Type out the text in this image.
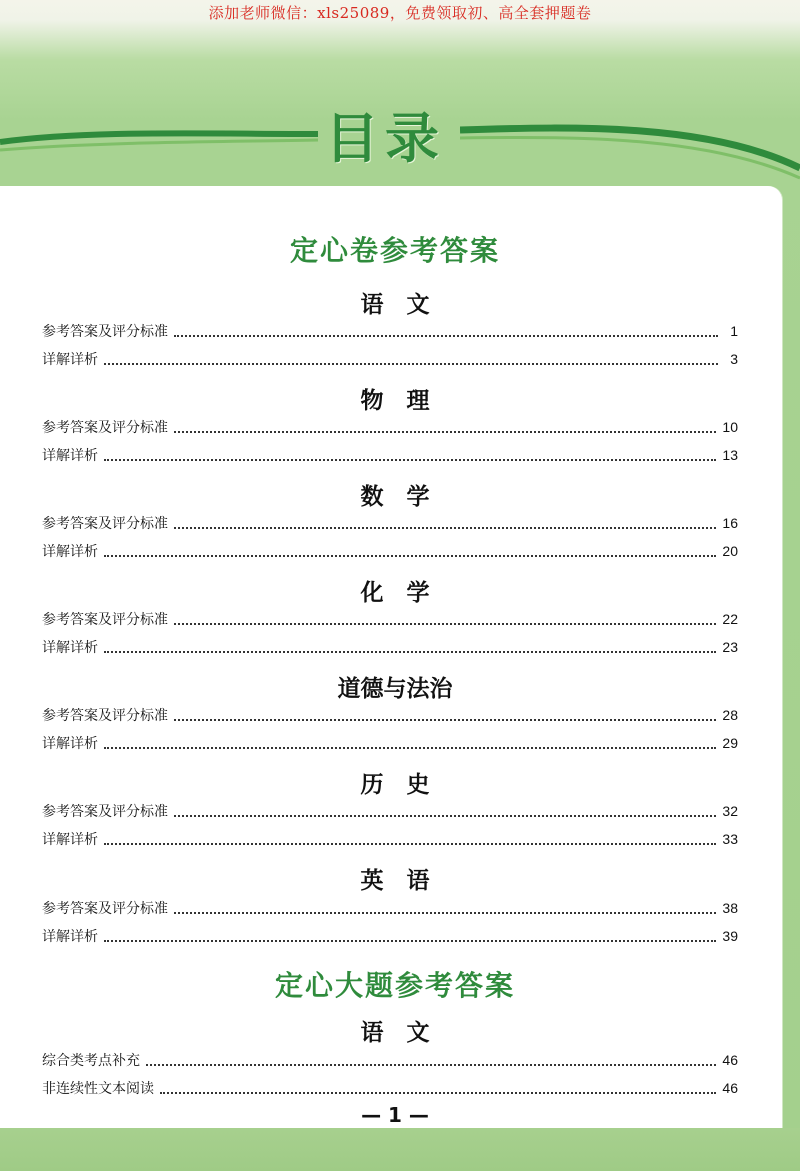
添加老师微信：xls25089，免费领取初、高全套押题卷
目录
定心卷参考答案
语　文
参考答案及评分标准	1
详解详析	3
物　理
参考答案及评分标准	10
详解详析	13
数　学
参考答案及评分标准	16
详解详析	20
化　学
参考答案及评分标准	22
详解详析	23
道德与法治
参考答案及评分标准	28
详解详析	29
历　史
参考答案及评分标准	32
详解详析	33
英　语
参考答案及评分标准	38
详解详析	39
定心大题参考答案
语　文
综合类考点补充	46
非连续性文本阅读	46
— 1 —
